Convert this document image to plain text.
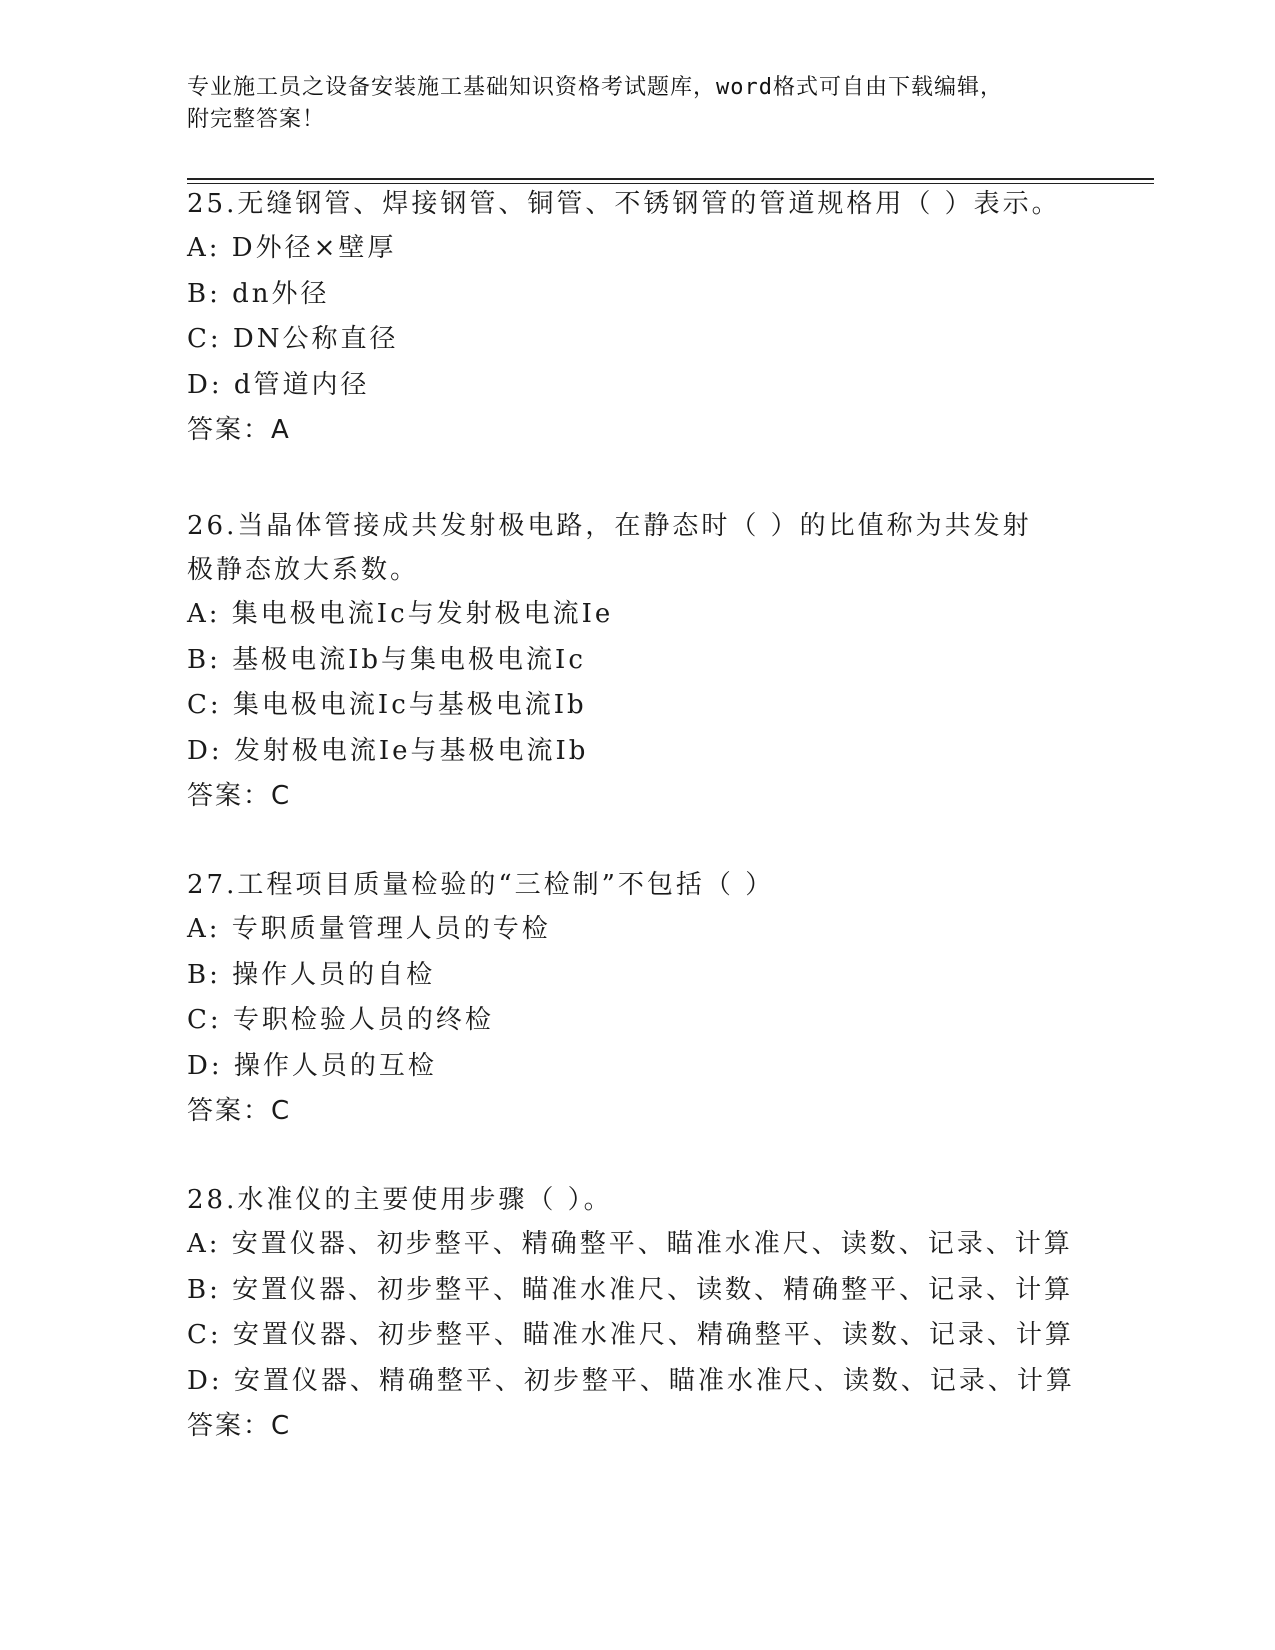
专业施工员之设备安装施工基础知识资格考试题库，word格式可自由下载编辑，
附完整答案！

25.无缝钢管、焊接钢管、铜管、不锈钢管的管道规格用（ ）表示。

A: D外径×壁厚

B: dn外径

C: DN公称直径

D: d管道内径

答案：A

26.当晶体管接成共发射极电路，在静态时（ ）的比值称为共发射极静态放大系数。

A: 集电极电流Ic与发射极电流Ie

B: 基极电流Ib与集电极电流Ic

C: 集电极电流Ic与基极电流Ib

D: 发射极电流Ie与基极电流Ib

答案：C

27.工程项目质量检验的“三检制”不包括（ ）

A: 专职质量管理人员的专检

B: 操作人员的自检

C: 专职检验人员的终检

D: 操作人员的互检

答案：C

28.水准仪的主要使用步骤（ ）。

A: 安置仪器、初步整平、精确整平、瞄准水准尺、读数、记录、计算

B: 安置仪器、初步整平、瞄准水准尺、读数、精确整平、记录、计算

C: 安置仪器、初步整平、瞄准水准尺、精确整平、读数、记录、计算

D: 安置仪器、精确整平、初步整平、瞄准水准尺、读数、记录、计算

答案：C
